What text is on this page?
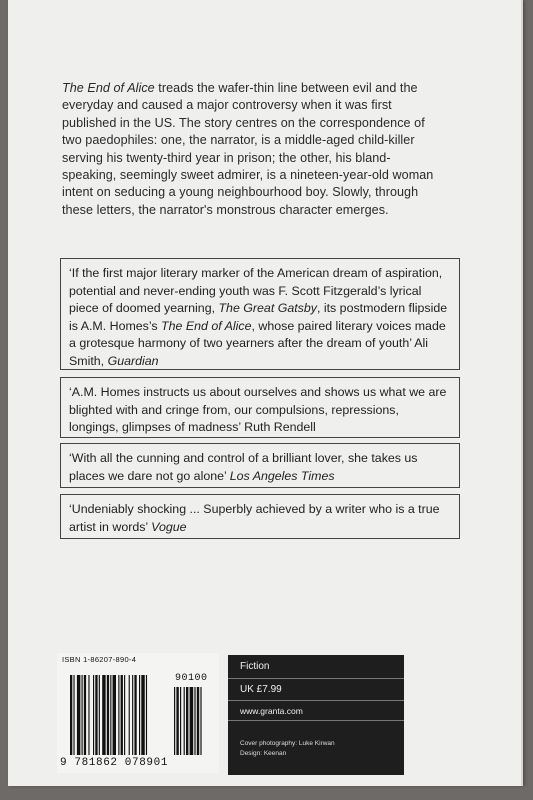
The End of Alice treads the wafer-thin line between evil and the everyday and caused a major controversy when it was first published in the US. The story centres on the correspondence of two paedophiles: one, the narrator, is a middle-aged child-killer serving his twenty-third year in prison; the other, his bland-speaking, seemingly sweet admirer, is a nineteen-year-old woman intent on seducing a young neighbourhood boy. Slowly, through these letters, the narrator's monstrous character emerges.

‘If the first major literary marker of the American dream of aspiration, potential and never-ending youth was F. Scott Fitzgerald’s lyrical piece of doomed yearning, The Great Gatsby, its postmodern flipside is A.M. Homes’s The End of Alice, whose paired literary voices made a grotesque harmony of two yearners after the dream of youth’ Ali Smith, Guardian
‘A.M. Homes instructs us about ourselves and shows us what we are blighted with and cringe from, our compulsions, repressions, longings, glimpses of madness’ Ruth Rendell
‘With all the cunning and control of a brilliant lover, she takes us places we dare not go alone’ Los Angeles Times
‘Undeniably shocking ... Superbly achieved by a writer who is a true artist in words’ Vogue
ISBN 1-86207-890-4
90100
9 781862 078901
Fiction
UK £7.99
www.granta.com
Cover photography: Luke Kirwan
Design: Keenan
